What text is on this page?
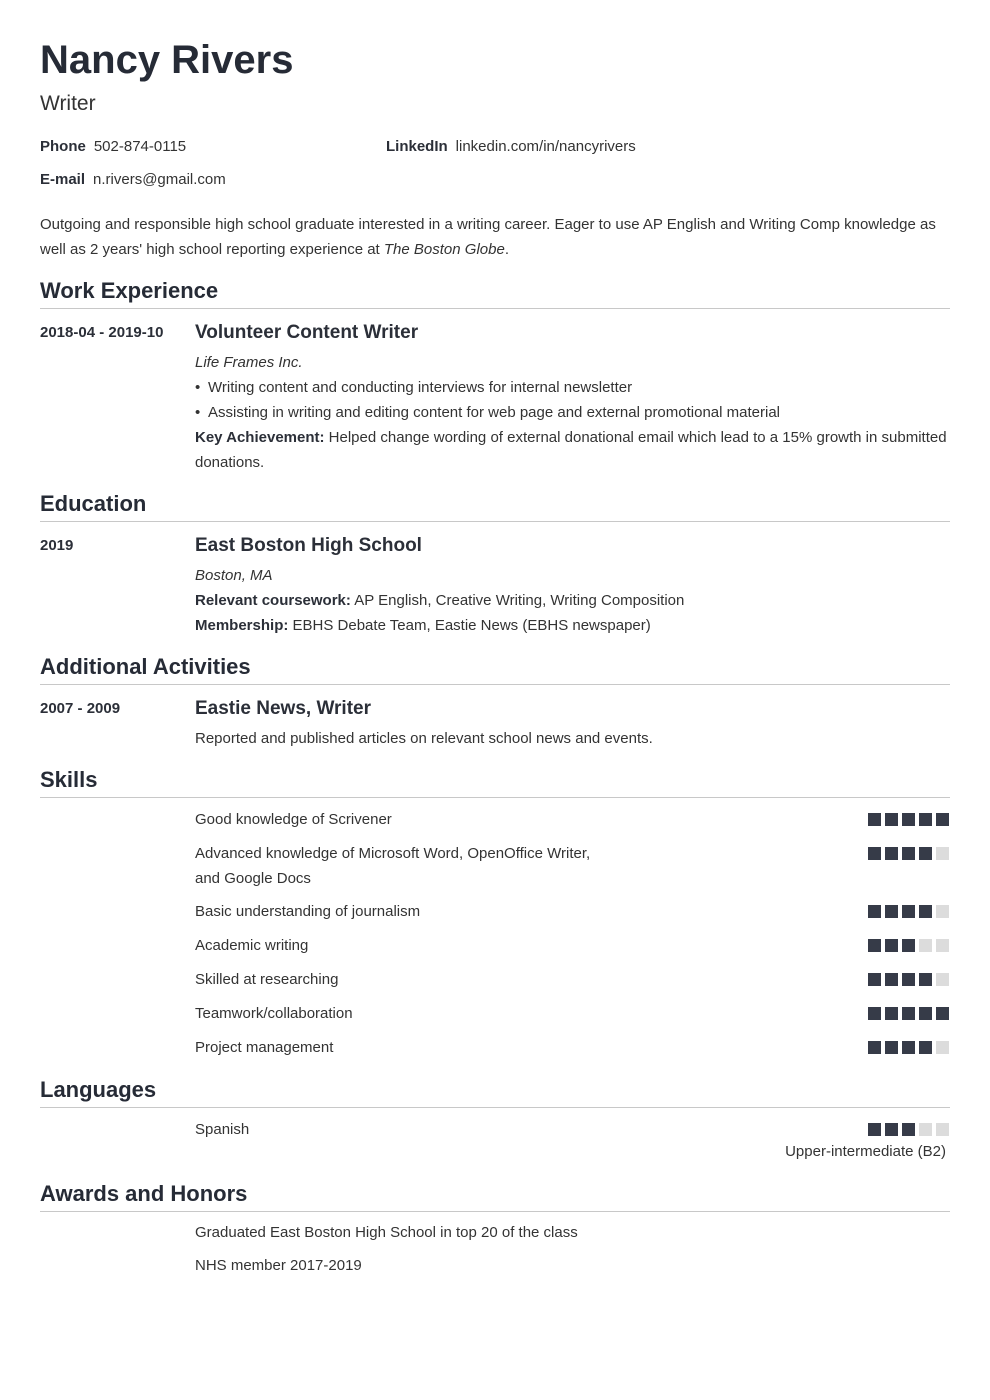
Nancy Rivers
Writer
Phone 502-874-0115	LinkedIn linkedin.com/in/nancyrivers
E-mail n.rivers@gmail.com
Outgoing and responsible high school graduate interested in a writing career. Eager to use AP English and Writing Comp knowledge as well as 2 years' high school reporting experience at The Boston Globe.
Work Experience
2018-04 - 2019-10 Volunteer Content Writer
Life Frames Inc.
• Writing content and conducting interviews for internal newsletter
• Assisting in writing and editing content for web page and external promotional material
Key Achievement: Helped change wording of external donational email which lead to a 15% growth in submitted donations.
Education
2019	East Boston High School
Boston, MA
Relevant coursework: AP English, Creative Writing, Writing Composition
Membership: EBHS Debate Team, Eastie News (EBHS newspaper)
Additional Activities
2007 - 2009	Eastie News, Writer
Reported and published articles on relevant school news and events.
Skills
Good knowledge of Scrivener
Advanced knowledge of Microsoft Word, OpenOffice Writer, and Google Docs
Basic understanding of journalism
Academic writing
Skilled at researching
Teamwork/collaboration
Project management
Languages
Spanish
Upper-intermediate (B2)
Awards and Honors
Graduated East Boston High School in top 20 of the class
NHS member 2017-2019
